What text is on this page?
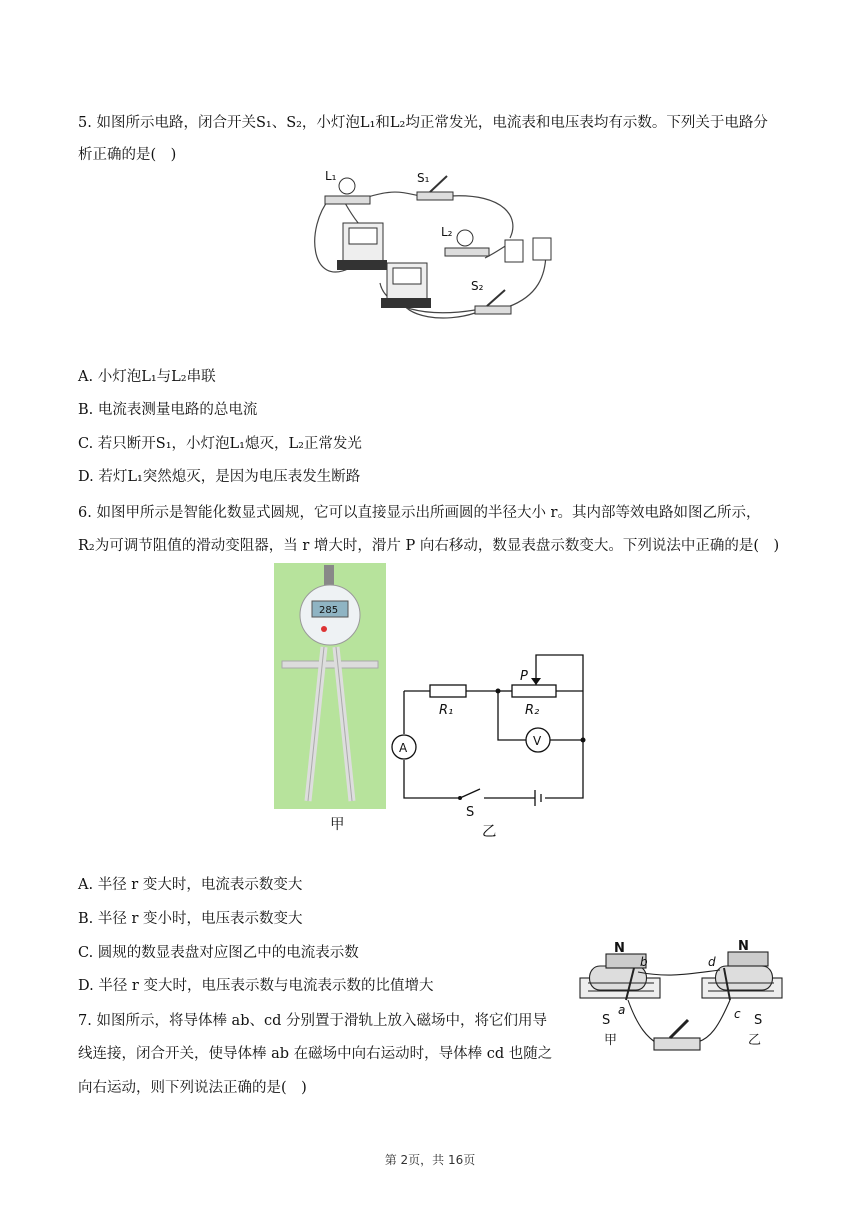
5. 如图所示电路，闭合开关S₁、S₂，小灯泡L₁和L₂均正常发光，电流表和电压表均有示数。下列关于电路分
析正确的是(　)
L₁	S₁
L₂
S₂
A. 小灯泡L₁与L₂串联
B. 电流表测量电路的总电流
C. 若只断开S₁，小灯泡L₁熄灭，L₂正常发光
D. 若灯L₁突然熄灭，是因为电压表发生断路
6. 如图甲所示是智能化数显式圆规，它可以直接显示出所画圆的半径大小 r。其内部等效电路如图乙所示，
R₂为可调节阻值的滑动变阻器，当 r 增大时，滑片 P 向右移动，数显表盘示数变大。下列说法中正确的是(　)
285
甲
A	V
R₁	R₂
P
S
乙
A. 半径 r 变大时，电流表示数变大
B. 半径 r 变小时，电压表示数变大
C. 圆规的数显表盘对应图乙中的电流表示数
D. 半径 r 变大时，电压表示数与电流表示数的比值增大
7. 如图所示，将导体棒 ab、cd 分别置于滑轨上放入磁场中，将它们用导
线连接，闭合开关，使导体棒 ab 在磁场中向右运动时，导体棒 cd 也随之
向右运动，则下列说法正确的是(　)
N
S
b
a
甲
N
S
d
c
乙
第 2页，共 16页
